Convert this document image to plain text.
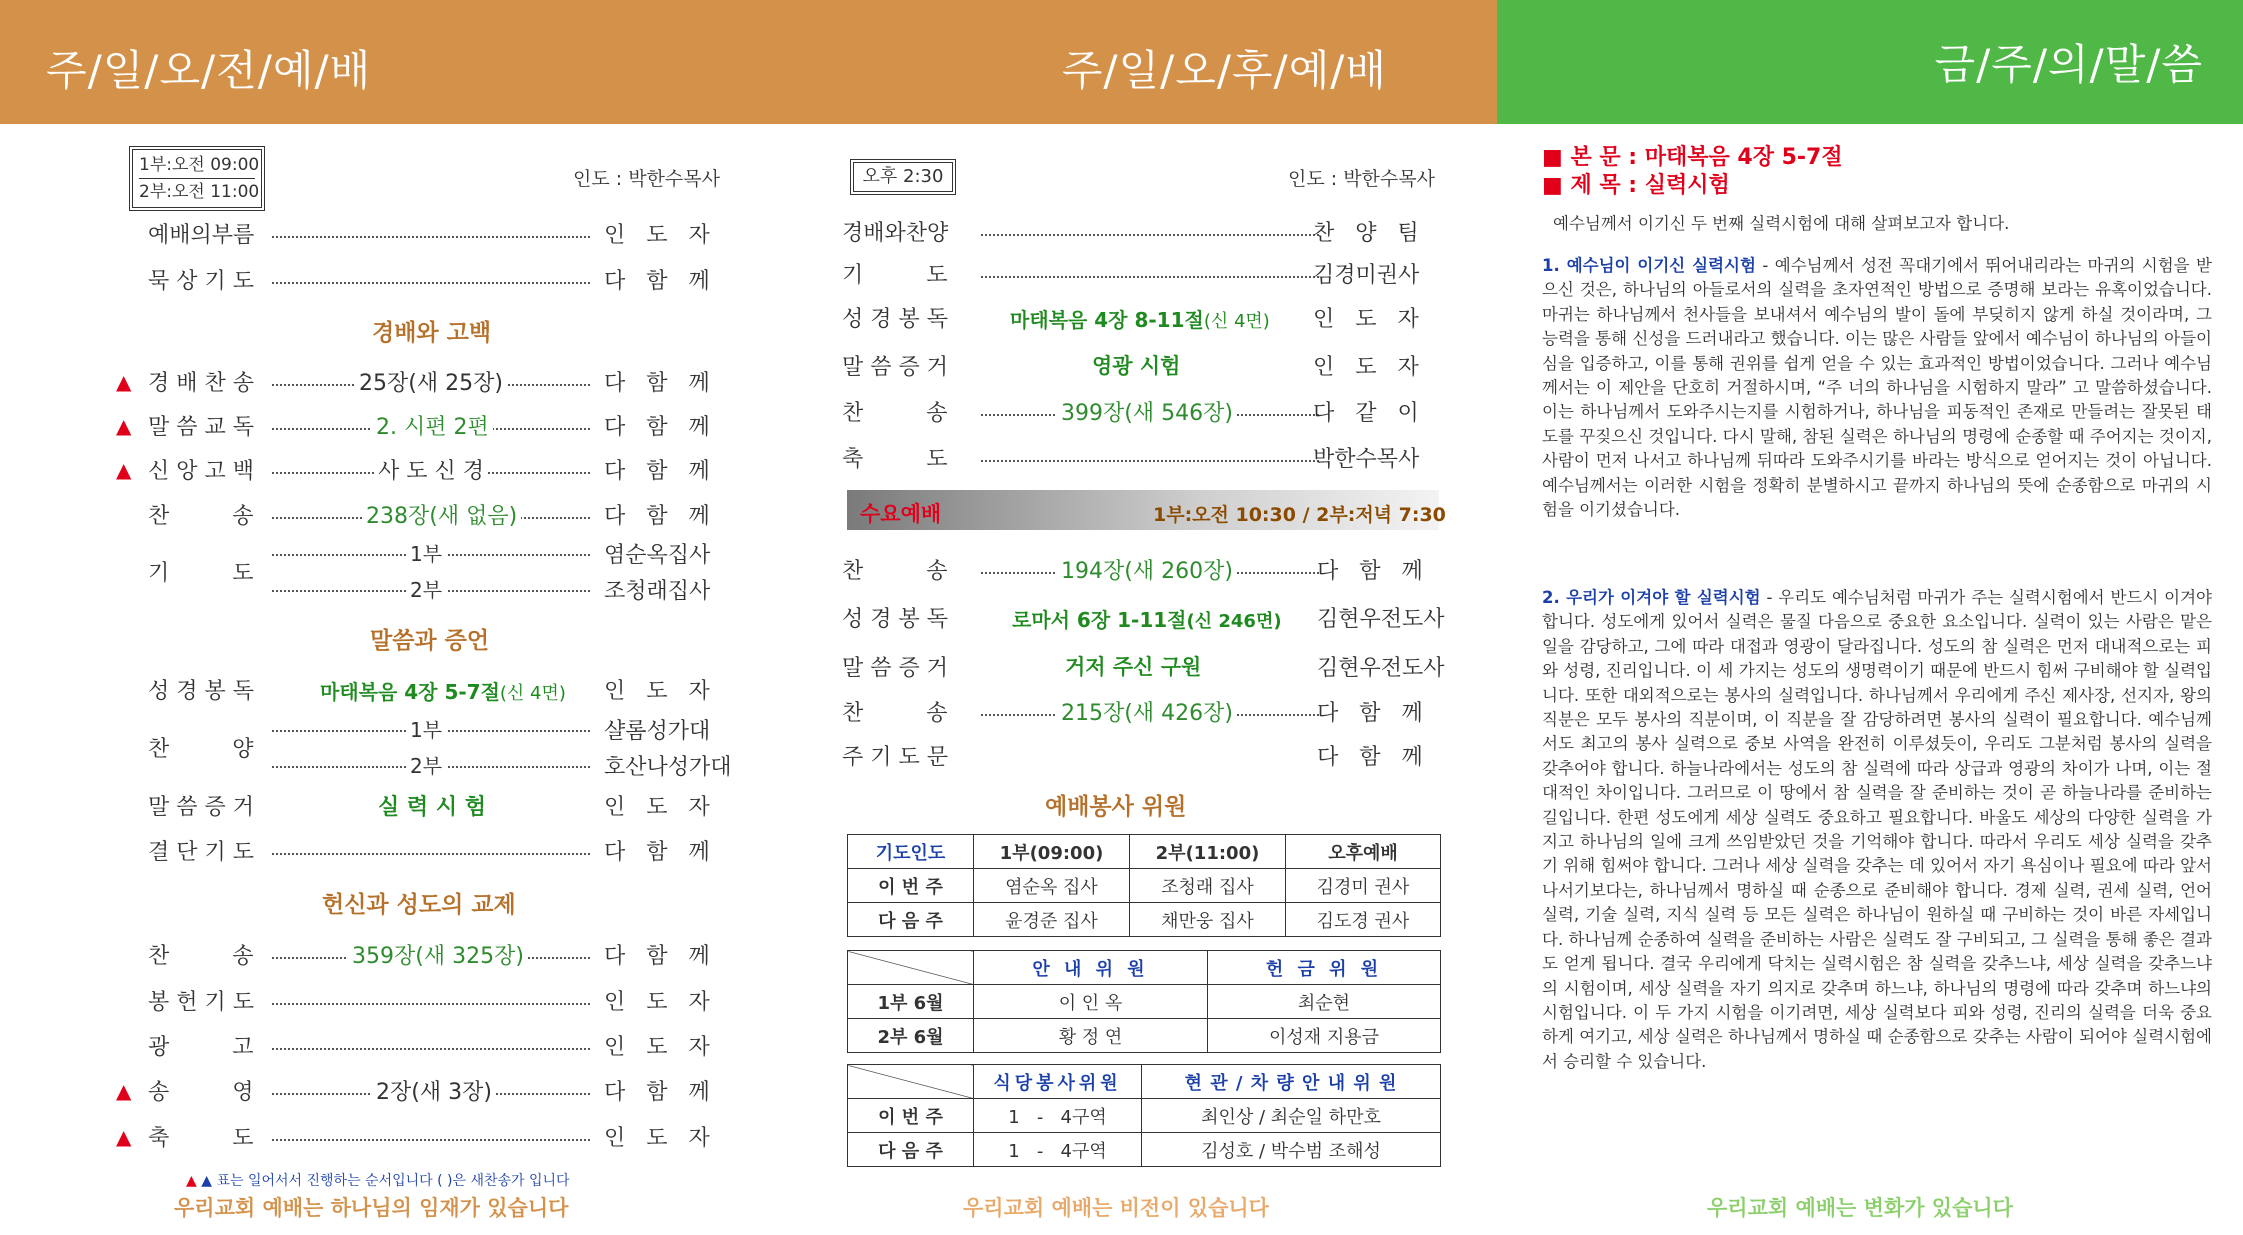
주/일/오/전/예/배	주/일/오/후/예/배	금/주/의/말/씀
1부:오전 09:00
2부:오전 11:00
인도 : 박한수목사
예배의부름	인   도   자
묵 상 기 도	다   함   께
경배와 고백
▲ 경 배 찬 송	25장(새 25장)	다   함   께
▲ 말 씀 교 독	2. 시편 2편	다   함   께
▲ 신 앙 고 백	사 도 신 경	다   함   께
찬         송	238장(새 없음)	다   함   께
기         도
1부	염순옥집사
2부	조청래집사
말씀과 증언
성 경 봉 독	마태복음 4장 5-7절(신 4면) 인   도   자
찬         양
1부	샬롬성가대
2부	호산나성가대
말 씀 증 거	실 력 시 험	인   도   자
결 단 기 도	다   함   께
헌신과 성도의 교제
찬         송	359장(새 325장)	다   함   께
봉 헌 기 도	인   도   자
광         고	인   도   자
▲ 송         영	2장(새 3장)	다   함   께
▲ 축         도	인   도   자
▲ ▲ 표는 일어서서 진행하는 순서입니다 ( )은 새찬송가 입니다
우리교회 예배는 하나님의 임재가 있습니다
오후 2:30	인도 : 박한수목사
경배와찬양	찬   양   팀
기         도	김경미권사
성 경 봉 독	마태복음 4장 8-11절(신 4면) 인   도   자
말 씀 증 거	영광 시험	인   도   자
찬         송	399장(새 546장)	다   같   이
축         도	박한수목사
수요예배	1부:오전 10:30 / 2부:저녁 7:30
찬         송	194장(새 260장)	다   함   께
성 경 봉 독	로마서 6장 1-11절(신 246면) 김현우전도사
말 씀 증 거	거저 주신 구원	김현우전도사
찬         송	215장(새 426장)	다   함   께
주 기 도 문	다   함   께
예배봉사 위원
기도인도	1부(09:00)	2부(11:00)	오후예배
이 번 주	염순옥 집사	조청래 집사	김경미 권사
다 음 주	윤경준 집사	채만웅 집사	김도경 권사
	안 내 위 원	헌 금 위 원
1부 6월	이 인 옥	최순현
2부 6월	황 정 연	이성재 지용금
	식당봉사위원	현 관 / 차 량 안 내 위 원
이 번 주	1   -   4구역	최인상 / 최순일 하만호
다 음 주	1   -   4구역	김성호 / 박수범 조해성
우리교회 예배는 비전이 있습니다
■ 본 문 : 마태복음 4장 5-7절
■ 제 목 : 실력시험
예수님께서 이기신 두 번째 실력시험에 대해 살펴보고자 합니다.
1. 예수님이 이기신 실력시험 - 예수님께서 성전 꼭대기에서 뛰어내리라는 마귀의 시험을 받으신 것은, 하나님의 아들로서의 실력을 초자연적인 방법으로 증명해 보라는 유혹이었습니다. 마귀는 하나님께서 천사들을 보내셔서 예수님의 발이 돌에 부딪히지 않게 하실 것이라며, 그 능력을 통해 신성을 드러내라고 했습니다. 이는 많은 사람들 앞에서 예수님이 하나님의 아들이심을 입증하고, 이를 통해 권위를 쉽게 얻을 수 있는 효과적인 방법이었습니다. 그러나 예수님께서는 이 제안을 단호히 거절하시며, “주 너의 하나님을 시험하지 말라” 고 말씀하셨습니다. 이는 하나님께서 도와주시는지를 시험하거나, 하나님을 피동적인 존재로 만들려는 잘못된 태도를 꾸짖으신 것입니다. 다시 말해, 참된 실력은 하나님의 명령에 순종할 때 주어지는 것이지, 사람이 먼저 나서고 하나님께 뒤따라 도와주시기를 바라는 방식으로 얻어지는 것이 아닙니다. 예수님께서는 이러한 시험을 정확히 분별하시고 끝까지 하나님의 뜻에 순종함으로 마귀의 시험을 이기셨습니다.
2. 우리가 이겨야 할 실력시험 - 우리도 예수님처럼 마귀가 주는 실력시험에서 반드시 이겨야 합니다. 성도에게 있어서 실력은 물질 다음으로 중요한 요소입니다. 실력이 있는 사람은 맡은 일을 감당하고, 그에 따라 대접과 영광이 달라집니다. 성도의 참 실력은 먼저 대내적으로는 피와 성령, 진리입니다. 이 세 가지는 성도의 생명력이기 때문에 반드시 힘써 구비해야 할 실력입니다. 또한 대외적으로는 봉사의 실력입니다. 하나님께서 우리에게 주신 제사장, 선지자, 왕의 직분은 모두 봉사의 직분이며, 이 직분을 잘 감당하려면 봉사의 실력이 필요합니다. 예수님께서도 최고의 봉사 실력으로 중보 사역을 완전히 이루셨듯이, 우리도 그분처럼 봉사의 실력을 갖추어야 합니다. 하늘나라에서는 성도의 참 실력에 따라 상급과 영광의 차이가 나며, 이는 절대적인 차이입니다. 그러므로 이 땅에서 참 실력을 잘 준비하는 것이 곧 하늘나라를 준비하는 길입니다. 한편 성도에게 세상 실력도 중요하고 필요합니다. 바울도 세상의 다양한 실력을 가지고 하나님의 일에 크게 쓰임받았던 것을 기억해야 합니다. 따라서 우리도 세상 실력을 갖추기 위해 힘써야 합니다. 그러나 세상 실력을 갖추는 데 있어서 자기 욕심이나 필요에 따라 앞서 나서기보다는, 하나님께서 명하실 때 순종으로 준비해야 합니다. 경제 실력, 권세 실력, 언어 실력, 기술 실력, 지식 실력 등 모든 실력은 하나님이 원하실 때 구비하는 것이 바른 자세입니다. 하나님께 순종하여 실력을 준비하는 사람은 실력도 잘 구비되고, 그 실력을 통해 좋은 결과도 얻게 됩니다. 결국 우리에게 닥치는 실력시험은 참 실력을 갖추느냐, 세상 실력을 갖추느냐의 시험이며, 세상 실력을 자기 의지로 갖추며 하느냐, 하나님의 명령에 따라 갖추며 하느냐의 시험입니다. 이 두 가지 시험을 이기려면, 세상 실력보다 피와 성령, 진리의 실력을 더욱 중요하게 여기고, 세상 실력은 하나님께서 명하실 때 순종함으로 갖추는 사람이 되어야 실력시험에서 승리할 수 있습니다.
우리교회 예배는 변화가 있습니다
